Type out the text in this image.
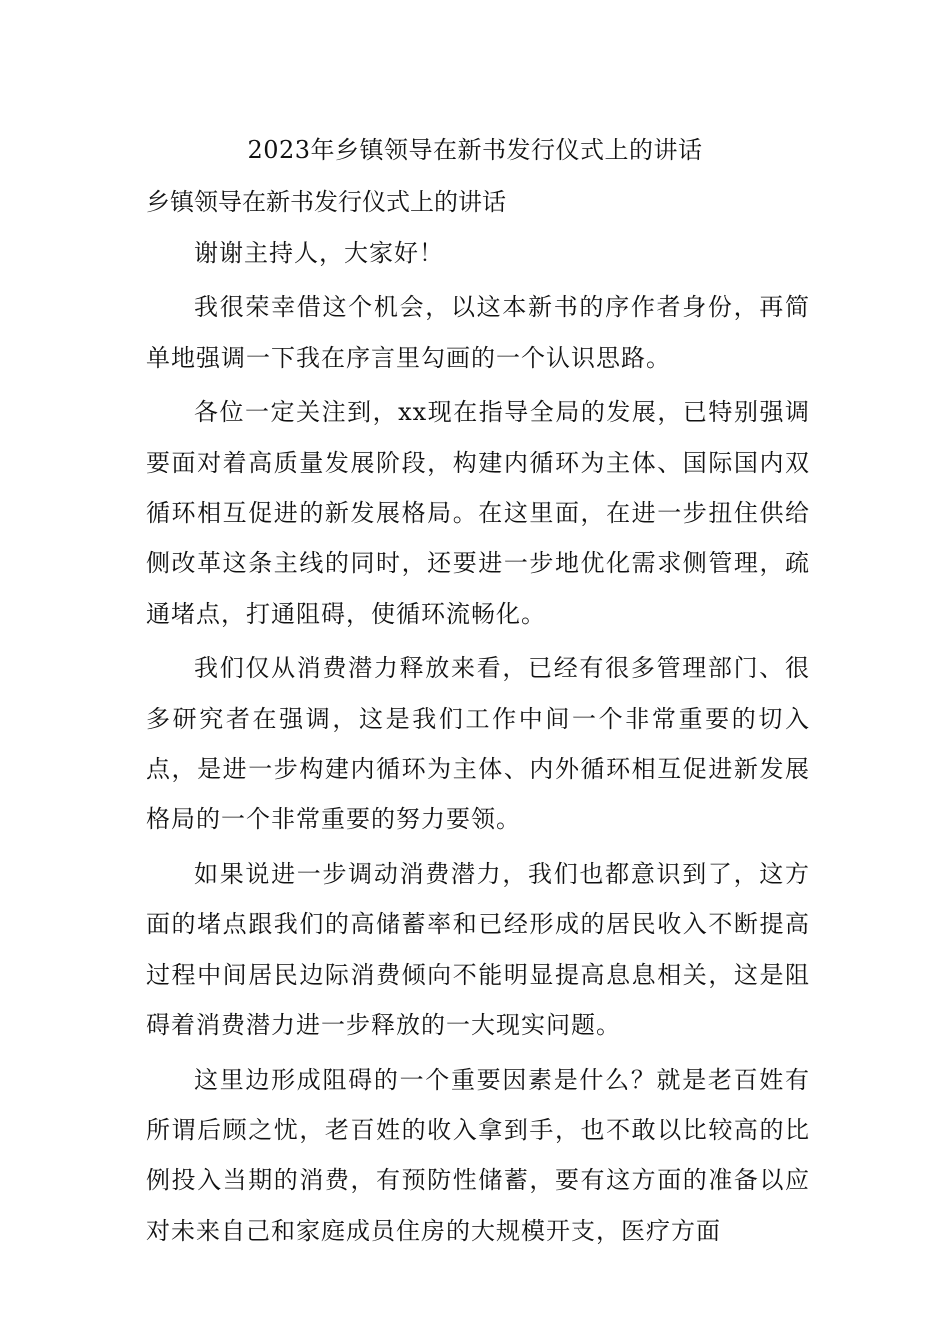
2023年乡镇领导在新书发行仪式上的讲话
乡镇领导在新书发行仪式上的讲话

谢谢主持人，大家好！

我很荣幸借这个机会，以这本新书的序作者身份，再简单地强调一下我在序言里勾画的一个认识思路。

各位一定关注到，xx现在指导全局的发展，已特别强调要面对着高质量发展阶段，构建内循环为主体、国际国内双循环相互促进的新发展格局。在这里面，在进一步扭住供给侧改革这条主线的同时，还要进一步地优化需求侧管理，疏通堵点，打通阻碍，使循环流畅化。

我们仅从消费潜力释放来看，已经有很多管理部门、很多研究者在强调，这是我们工作中间一个非常重要的切入点，是进一步构建内循环为主体、内外循环相互促进新发展格局的一个非常重要的努力要领。

如果说进一步调动消费潜力，我们也都意识到了，这方面的堵点跟我们的高储蓄率和已经形成的居民收入不断提高过程中间居民边际消费倾向不能明显提高息息相关，这是阻碍着消费潜力进一步释放的一大现实问题。

这里边形成阻碍的一个重要因素是什么？就是老百姓有所谓后顾之忧，老百姓的收入拿到手，也不敢以比较高的比例投入当期的消费，有预防性储蓄，要有这方面的准备以应对未来自己和家庭成员住房的大规模开支，医疗方面
